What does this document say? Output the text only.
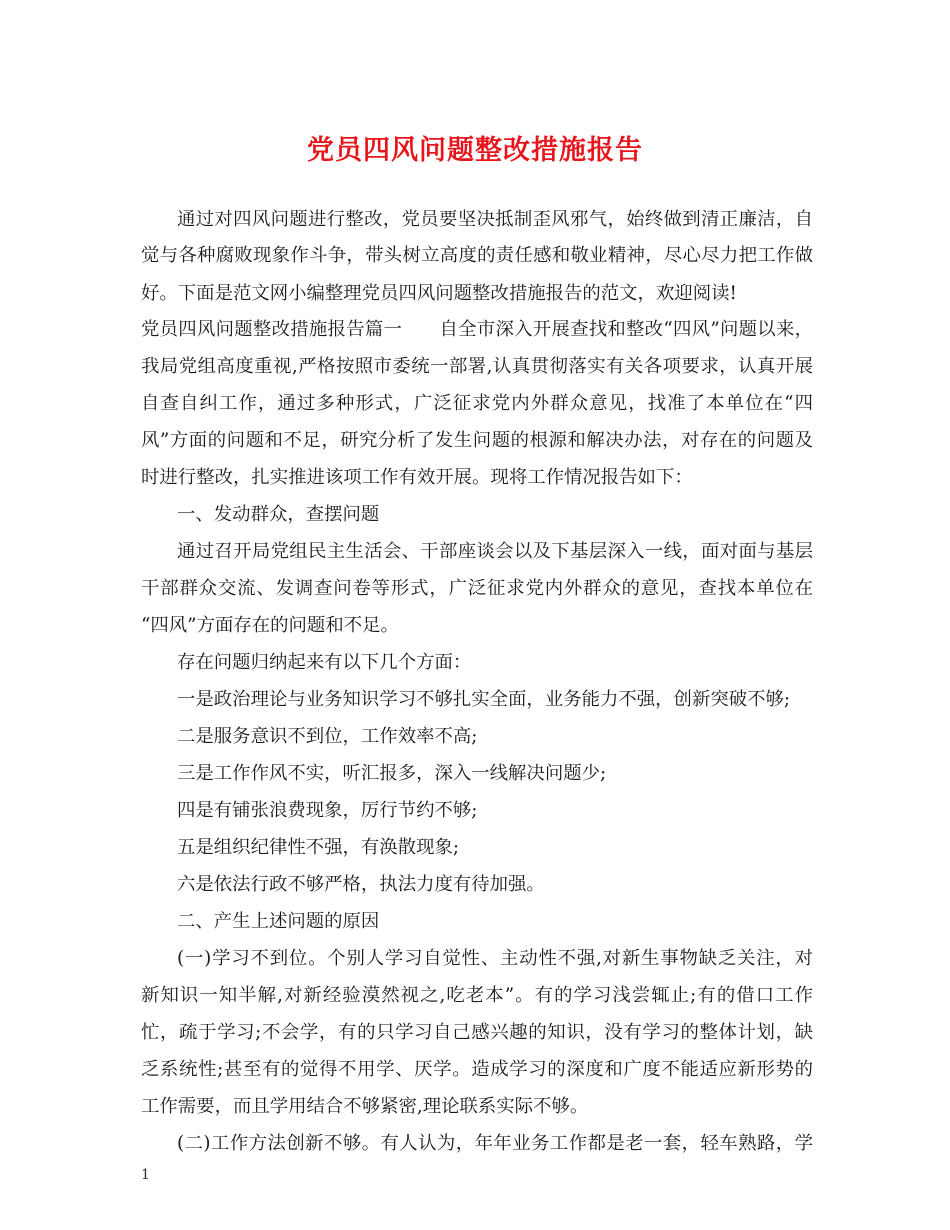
党员四风问题整改措施报告
通过对四风问题进行整改，党员要坚决抵制歪风邪气，始终做到清正廉洁，自
觉与各种腐败现象作斗争，带头树立高度的责任感和敬业精神，尽心尽力把工作做
好。下面是范文网小编整理党员四风问题整改措施报告的范文，欢迎阅读!
党员四风问题整改措施报告篇一　　自全市深入开展查找和整改“四风”问题以来，
我局党组高度重视,严格按照市委统一部署,认真贯彻落实有关各项要求，认真开展
自查自纠工作，通过多种形式，广泛征求党内外群众意见，找准了本单位在“四
风”方面的问题和不足，研究分析了发生问题的根源和解决办法，对存在的问题及
时进行整改，扎实推进该项工作有效开展。现将工作情况报告如下：
一、发动群众，查摆问题
通过召开局党组民主生活会、干部座谈会以及下基层深入一线，面对面与基层
干部群众交流、发调查问卷等形式，广泛征求党内外群众的意见，查找本单位在
“四风”方面存在的问题和不足。
存在问题归纳起来有以下几个方面：
一是政治理论与业务知识学习不够扎实全面，业务能力不强，创新突破不够;
二是服务意识不到位，工作效率不高;
三是工作作风不实，听汇报多，深入一线解决问题少;
四是有铺张浪费现象，厉行节约不够;
五是组织纪律性不强，有涣散现象;
六是依法行政不够严格，执法力度有待加强。
二、产生上述问题的原因
(一)学习不到位。个别人学习自觉性、主动性不强,对新生事物缺乏关注，对
新知识一知半解,对新经验漠然视之,吃老本”。有的学习浅尝辄止;有的借口工作
忙，疏于学习;不会学，有的只学习自己感兴趣的知识，没有学习的整体计划，缺
乏系统性;甚至有的觉得不用学、厌学。造成学习的深度和广度不能适应新形势的
工作需要，而且学用结合不够紧密,理论联系实际不够。
(二)工作方法创新不够。有人认为，年年业务工作都是老一套，轻车熟路，学
1
